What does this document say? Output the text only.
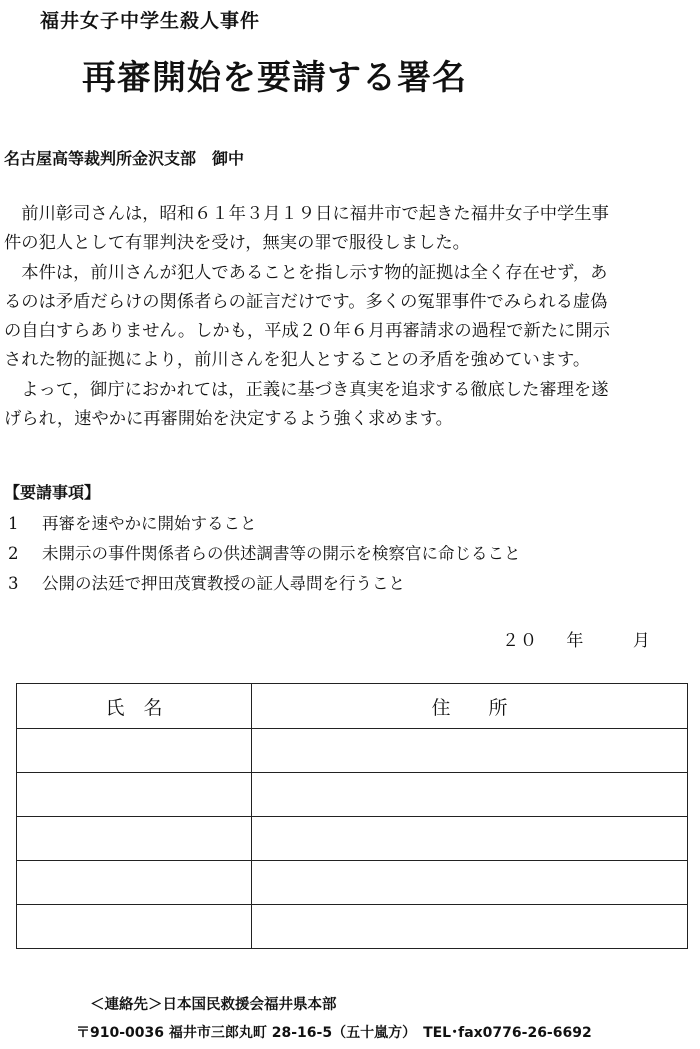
福井女子中学生殺人事件
再審開始を要請する署名
名古屋高等裁判所金沢支部　御中
　前川彰司さんは，昭和６１年３月１９日に福井市で起きた福井女子中学生事
件の犯人として有罪判決を受け，無実の罪で服役しました。
　本件は，前川さんが犯人であることを指し示す物的証拠は全く存在せず，あ
るのは矛盾だらけの関係者らの証言だけです。多くの冤罪事件でみられる虚偽
の自白すらありません。しかも，平成２０年６月再審請求の過程で新たに開示
された物的証拠により，前川さんを犯人とすることの矛盾を強めています。
　よって，御庁におかれては，正義に基づき真実を追求する徹底した審理を遂
げられ，速やかに再審開始を決定するよう強く求めます。
【要請事項】
1 再審を速やかに開始すること
2 未開示の事件関係者らの供述調書等の開示を検察官に命じること
3 公開の法廷で押田茂實教授の証人尋問を行うこと
２０ 年	月
氏　名	住　　所

＜連絡先＞日本国民救援会福井県本部
〒910-0036 福井市三郎丸町 28-16-5（五十嵐方）　TEL･fax0776-26-6692
